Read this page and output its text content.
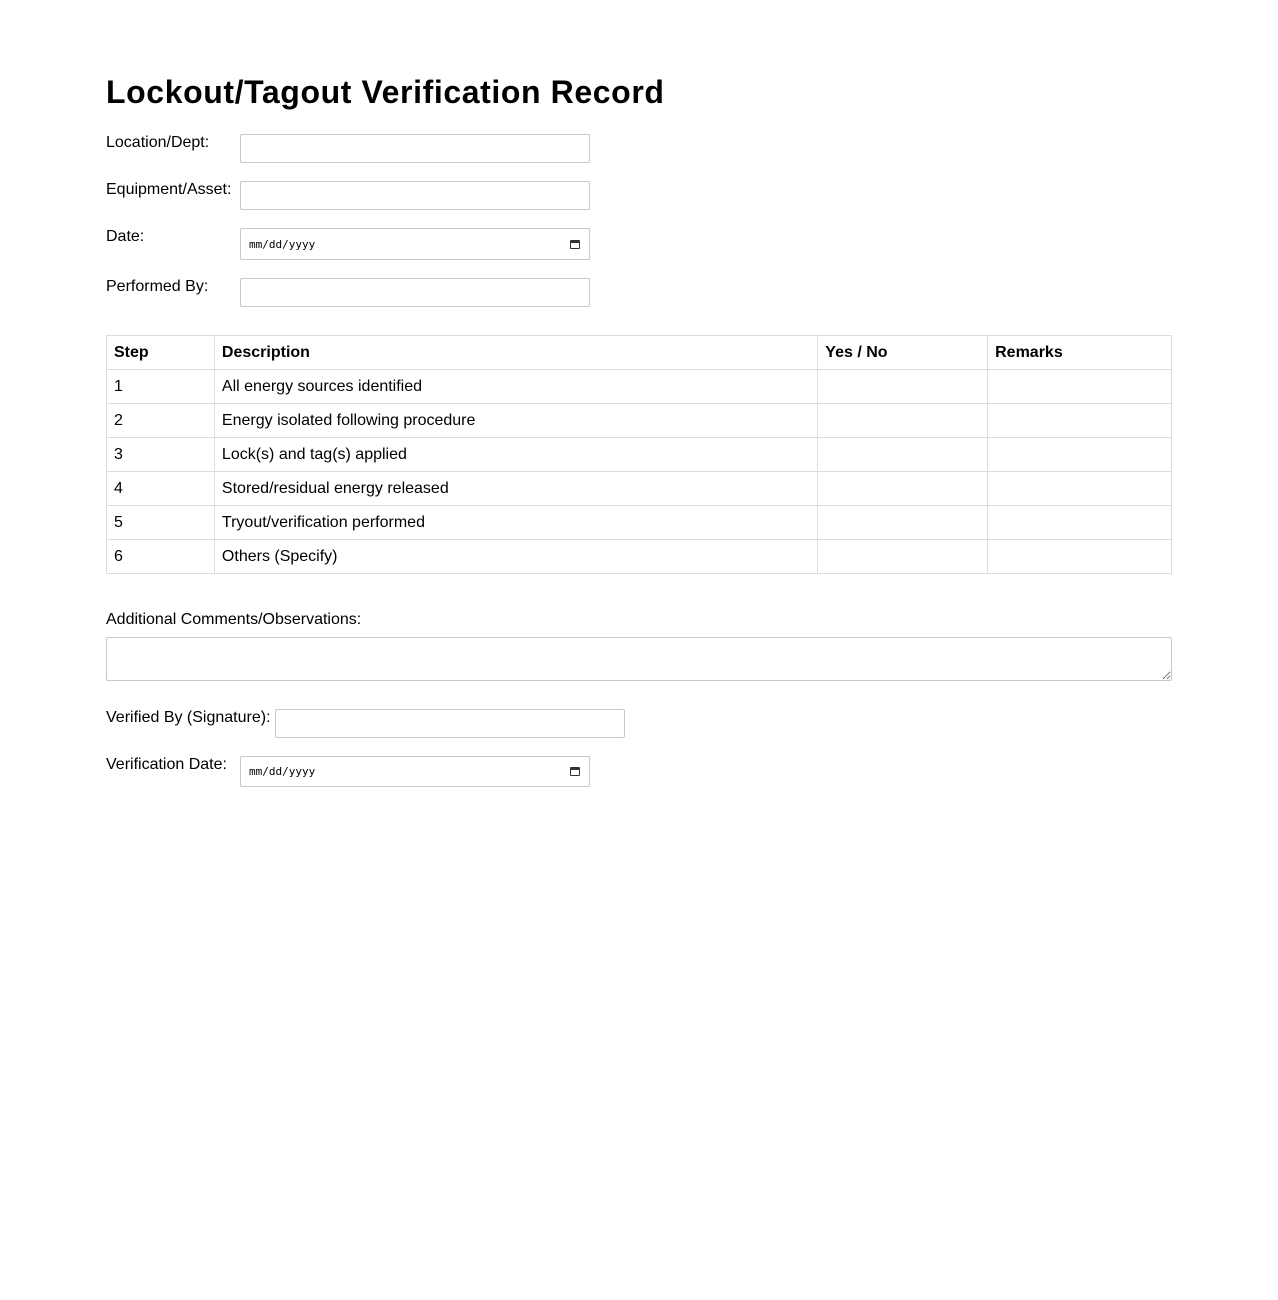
Lockout/Tagout Verification Record
Location/Dept:
Equipment/Asset:
Date:	mm/dd/yyyy
Performed By:
Step	Description	Yes / No	Remarks
1	All energy sources identified		
2	Energy isolated following procedure		
3	Lock(s) and tag(s) applied		
4	Stored/residual energy released		
5	Tryout/verification performed		
6	Others (Specify)		
Additional Comments/Observations:
Verified By (Signature):
Verification Date: mm/dd/yyyy
